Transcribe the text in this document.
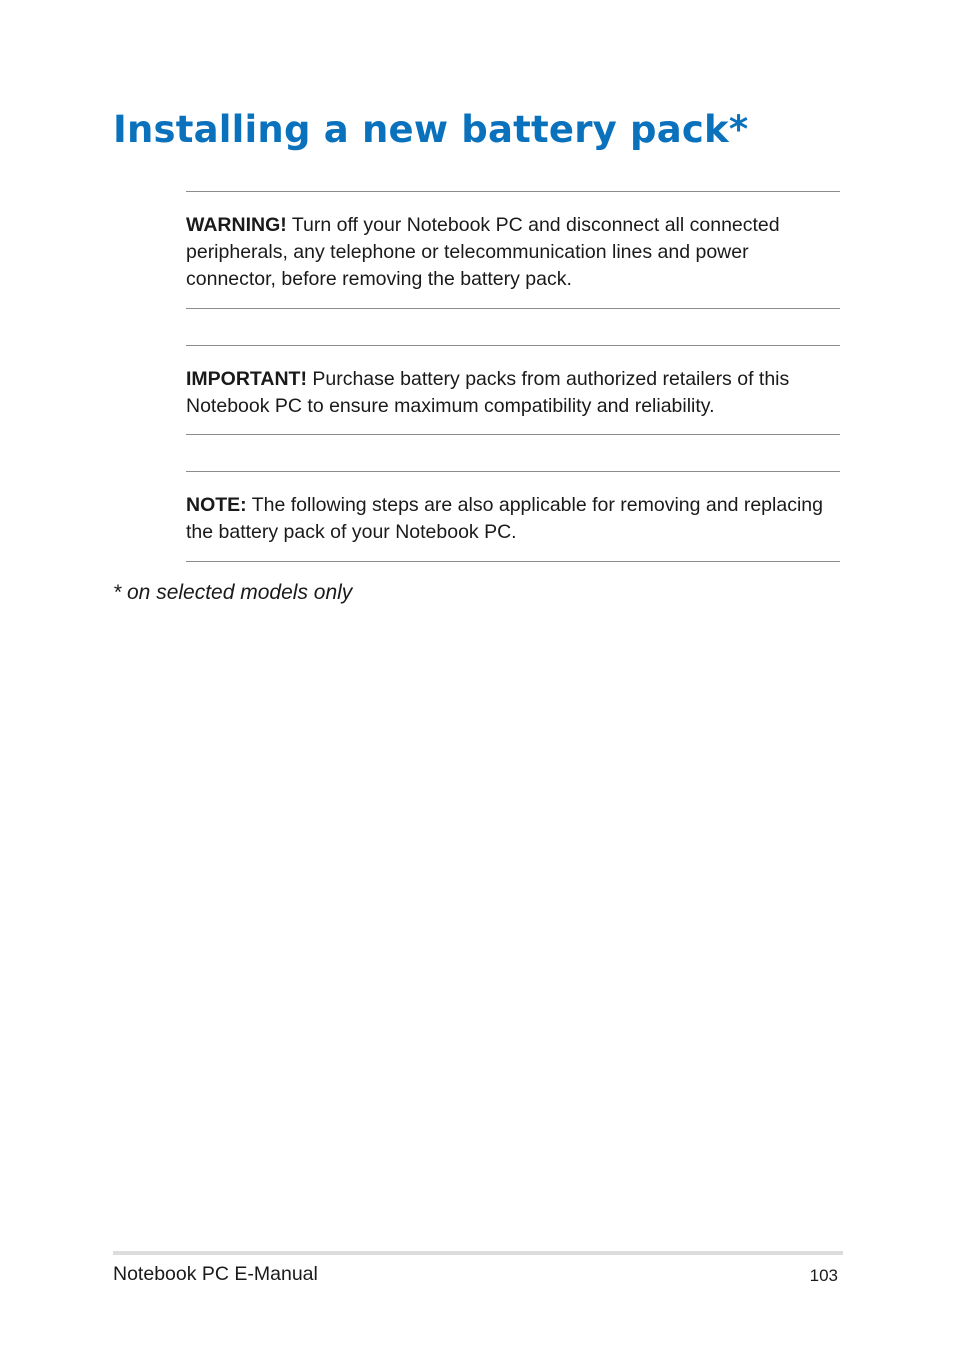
Installing a new battery pack*

WARNING! Turn off your Notebook PC and disconnect all connected peripherals, any telephone or telecommunication lines and power connector, before removing the battery pack.

IMPORTANT! Purchase battery packs from authorized retailers of this Notebook PC to ensure maximum compatibility and reliability.

NOTE: The following steps are also applicable for removing and replacing the battery pack of your Notebook PC.

* on selected models only

Notebook PC E-Manual	103
